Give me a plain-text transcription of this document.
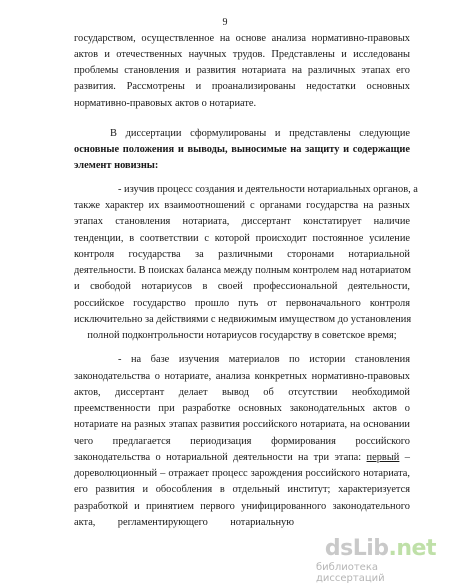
9
государством, осуществленное на основе анализа нормативно-правовых
актов и отечественных научных трудов. Представлены и исследованы
проблемы становления и развития нотариата на различных этапах его
развития. Рассмотрены и проанализированы недостатки основных
нормативно-правовых актов о нотариате.
В диссертации сформулированы и представлены следующие
основные положения и выводы, выносимые на защиту и содержащие
элемент новизны:
- изучив процесс создания и деятельности нотариальных органов, а
также характер их взаимоотношений с органами государства на разных
этапах становления нотариата, диссертант констатирует наличие
тенденции, в соответствии с которой происходит постоянное усиление
контроля государства за различными сторонами нотариальной
деятельности. В поисках баланса между полным контролем над нотариатом
и свободой нотариусов в своей профессиональной деятельности,
российское государство прошло путь от первоначального контроля
исключительно за действиями с недвижимым имуществом до установления
полной подконтрольности нотариусов государству в советское время;
- на базе изучения материалов по истории становления
законодательства о нотариате, анализа конкретных нормативно-правовых
актов, диссертант делает вывод об отсутствии необходимой
преемственности при разработке основных законодательных актов о
нотариате на разных этапах развития российского нотариата, на основании
чего предлагается периодизация формирования российского
законодательства о нотариальной деятельности на три этапа: первый –
дореволюционный – отражает процесс зарождения российского нотариата,
его развития и обособления в отдельный институт; характеризуется
разработкой и принятием первого унифицированного законодательного
акта, регламентирующего нотариальную
dsLib.net
библиотека диссертаций
